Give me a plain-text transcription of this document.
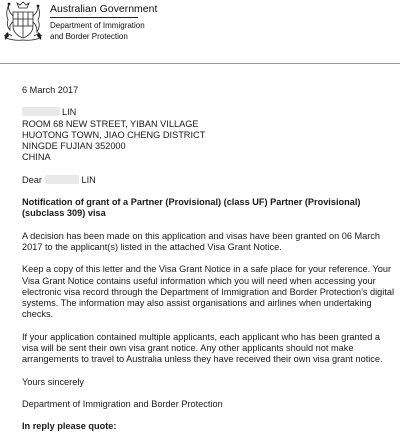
Australian Government
Department of Immigration
and Border Protection

6 March 2017

LIN
ROOM 68 NEW STREET, YIBAN VILLAGE
HUOTONG TOWN, JIAO CHENG DISTRICT
NINGDE FUJIAN 352000
CHINA

Dear	LIN

Notification of grant of a Partner (Provisional) (class UF) Partner (Provisional) (subclass 309) visa

A decision has been made on this application and visas have been granted on 06 March 2017 to the applicant(s) listed in the attached Visa Grant Notice.

Keep a copy of this letter and the Visa Grant Notice in a safe place for your reference. Your Visa Grant Notice contains useful information which you will need when accessing your electronic visa record through the Department of Immigration and Border Protection's digital systems. The information may also assist organisations and airlines when undertaking checks.

If your application contained multiple applicants, each applicant who has been granted a visa will be sent their own visa grant notice. Any other applicants should not make arrangements to travel to Australia unless they have received their own visa grant notice.

Yours sincerely

Department of Immigration and Border Protection

In reply please quote:
